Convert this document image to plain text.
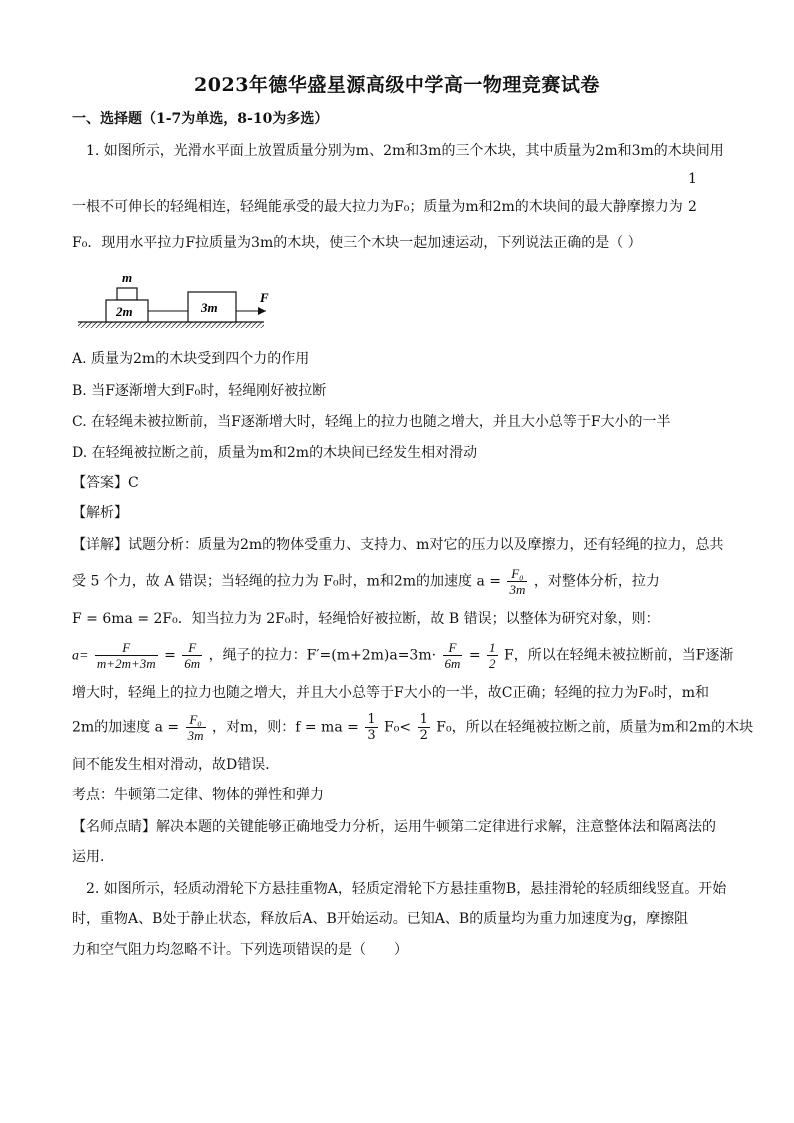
2023年德华盛星源高级中学高一物理竞赛试卷
一、选择题（1-7为单选，8-10为多选）
1. 如图所示，光滑水平面上放置质量分别为m、2m和3m的三个木块，其中质量为2m和3m的木块间用
一根不可伸长的轻绳相连，轻绳能承受的最大拉力为F₀；质量为m和2m的木块间的最大静摩擦力为
1
2
F₀．现用水平拉力F拉质量为3m的木块，使三个木块一起加速运动，下列说法正确的是（ ）
m
2m	3m
F
A. 质量为2m的木块受到四个力的作用
B. 当F逐渐增大到F₀时，轻绳刚好被拉断
C. 在轻绳未被拉断前，当F逐渐增大时，轻绳上的拉力也随之增大，并且大小总等于F大小的一半
D. 在轻绳被拉断之前，质量为m和2m的木块间已经发生相对滑动
【答案】C
【解析】
【详解】试题分析：质量为2m的物体受重力、支持力、m对它的压力以及摩擦力，还有轻绳的拉力，总共
受 5 个力，故 A 错误；当轻绳的拉力为 F₀时，m和2m的加速度 $a = \frac{\text{F₀}}{3m}$ ，对整体分析，拉力
F = 6ma = 2F₀．知当拉力为 2F₀时，轻绳恰好被拉断，故 B 错误；以整体为研究对象，则：
$a= \frac{F}{m+2m+3m} = \frac{F}{6m}$ ，绳子的拉力：$F'=(m+2m)a=3m\cdot \frac{F}{6m} = \frac{1}{2}$ F，所以在轻绳未被拉断前，当F逐渐
增大时，轻绳上的拉力也随之增大，并且大小总等于F大小的一半，故C正确；轻绳的拉力为F₀时，m和
2m的加速度 $a = \frac{\text{F₀}}{3m}$ ，对m，则：f = ma = $\frac{1}{3} F_0< \frac{1}{2} F_0$，所以在轻绳被拉断之前，质量为m和2m的木块
间不能发生相对滑动，故D错误．
考点：牛顿第二定律、物体的弹性和弹力
【名师点睛】解决本题的关键能够正确地受力分析，运用牛顿第二定律进行求解，注意整体法和隔离法的
运用．
2. 如图所示，轻质动滑轮下方悬挂重物A，轻质定滑轮下方悬挂重物B，悬挂滑轮的轻质细线竖直。开始
时，重物A、B处于静止状态，释放后A、B开始运动。已知A、B的质量均为重力加速度为g，摩擦阻
力和空气阻力均忽略不计。下列选项错误的是（　　）
